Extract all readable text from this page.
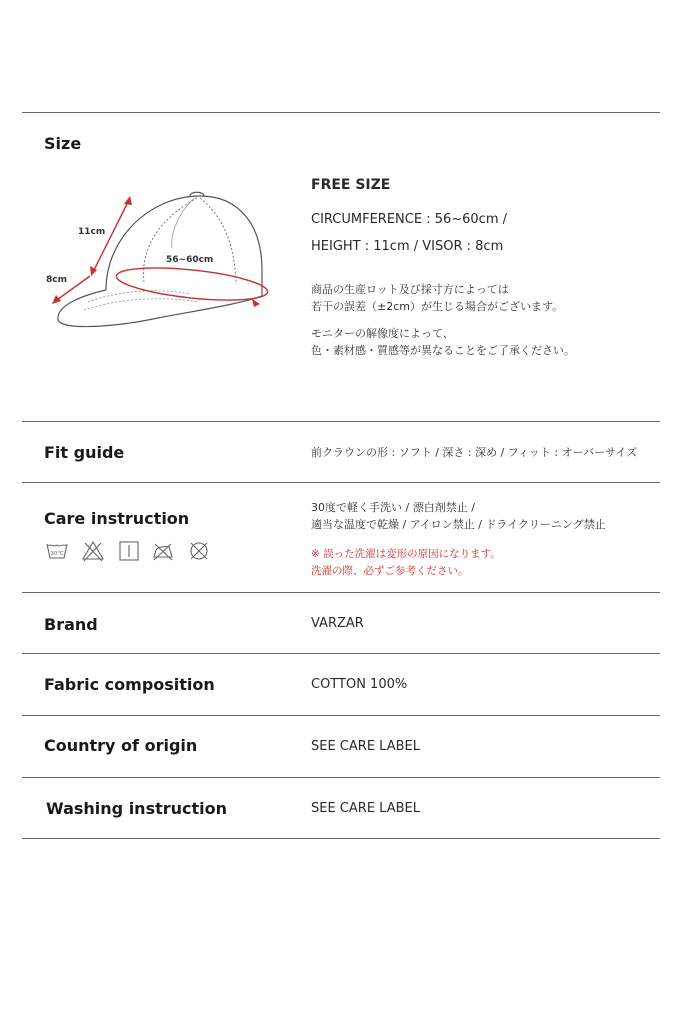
Size
11cm
8cm
56~60cm
FREE SIZE
CIRCUMFERENCE : 56~60cm /
HEIGHT : 11cm / VISOR : 8cm
商品の生産ロット及び採寸方によっては
若干の誤差（±2cm）が生じる場合がございます。
モニターの解像度によって、
色・素材感・質感等が異なることをご了承ください。
Fit guide	前クラウンの形 : ソフト / 深さ : 深め / フィット : オーバーサイズ
Care instruction
30℃
30度で軽く手洗い / 漂白剤禁止 /
適当な温度で乾燥 / アイロン禁止 / ドライクリーニング禁止
※ 誤った洗濯は変形の原因になります。
洗濯の際、必ずご参考ください。
Brand	VARZAR
Fabric composition	COTTON 100%
Country of origin	SEE CARE LABEL
Washing instruction	SEE CARE LABEL
